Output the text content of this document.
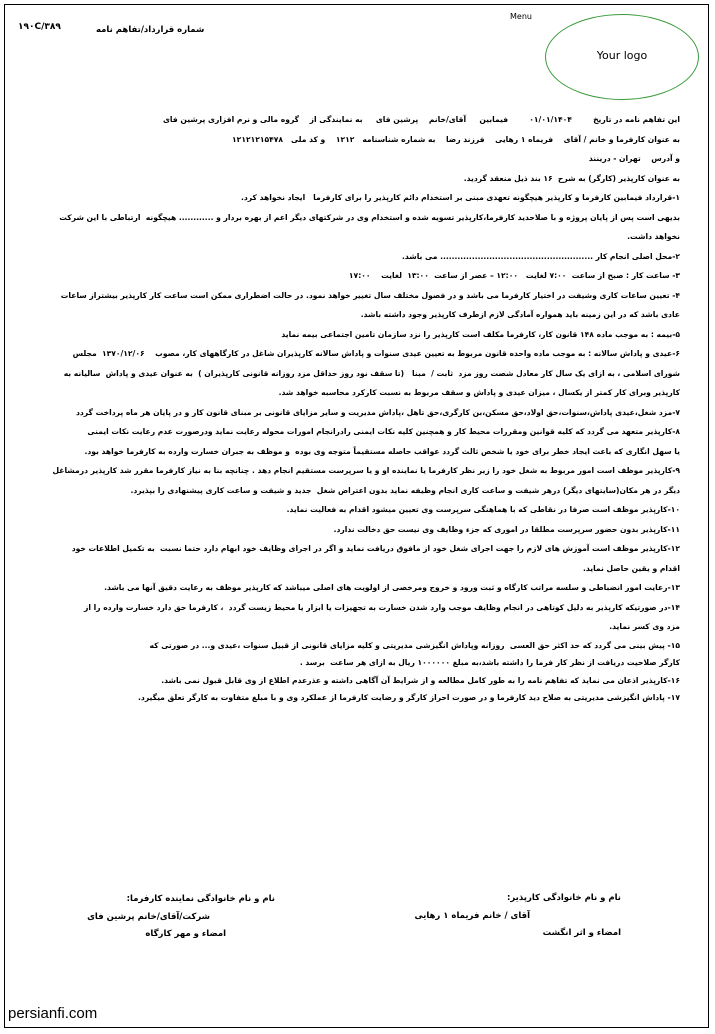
Menu
Your logo
۱۹۰C/۳۸۹	شماره قرارداد/تفاهم نامه

این تفاهم نامه در تاریخ        ۰۱/۰۱/۱۴۰۴        فیمابین     آقای/خانم    پرشین فای     به نمایندگی از    گروه مالی و نرم افزاری پرشین فای

به عنوان کارفرما و خانم / آقای    فریماه ۱ رهایی    فرزند رضا    به شماره شناسنامه   ۱۲۱۲    و کد ملی   ۱۲۱۲۱۲۱۵۴۷۸

و آدرس    تهران - درینند

به عنوان کارپذیر (کارگر) به شرح  ۱۶ بند ذیل منعقد گردید.

۱-قرارداد فیمابین کارفرما و کارپذیر هیچگونه تعهدی مبنی بر استخدام دائم کارپذیر را برای کارفرما   ایجاد نخواهد کرد.

بدیهی است پس از پایان پروژه و با صلاحدید کارفرما،کارپذیر تسویه شده و استخدام وی در شرکتهای دیگر اعم از بهره بردار و ............ هیچگونه  ارتباطی با این شرکت

نخواهد داشت.

۲-محل اصلی انجام کار ..................................................... می باشد.

۳- ساعت کار : صبح از ساعت  ۷:۰۰ لغایت   ۱۲:۰۰ – عصر از ساعت  ۱۳:۰۰  لغایت    ۱۷:۰۰

۴- تعیین ساعات کاری وشیفت در اختیار کارفرما می باشد و در فصول مختلف سال تغییر خواهد نمود. در حالت اضطراری ممکن است ساعت کار کارپذیر بیشتراز ساعات

عادی باشد که در این زمینه باید همواره آمادگی لازم ازطرف کارپذیر وجود داشته باشد.

۵-بیمه : به موجب ماده ۱۴۸ قانون کار، کارفرما مکلف است کارپذیر را نزد سازمان تامین اجتماعی بیمه نماید

۶-عیدی و پاداش سالانه : به موجب ماده واحده قانون مربوط به تعیین عیدی سنوات و پاداش سالانه کارپذیران شاغل در کارگاههای کار، مصوب    ۱۳۷۰/۱۲/۰۶  مجلس

شورای اسلامی ، به ازای یک سال کار معادل شصت روز مزد  ثابت /  مبنا   (تا سقف نود روز حداقل مزد روزانه قانونی کارپذیران )  به عنوان عیدی و پاداش  سالیانه به

کارپذیر وبرای کار کمتر از یکسال ، میزان عیدی و پاداش و سقف مربوط به نسبت کارکرد محاسبه خواهد شد.

۷-مزد شغل،عیدی پاداش،سنوات،حق اولاد،حق مسکن،بن کارگری،حق تاهل ،پاداش مدیریت و سایر مزایای قانونی بر مبنای قانون کار و در پایان هر ماه پرداخت گردد

۸-کارپذیر متعهد می گردد که کلیه قوانین ومقررات محیط کار و همچنین کلیه نکات ایمنی رادرانجام امورات محوله رعایت نماید ودرصورت عدم رعایت نکات ایمنی

یا سهل انگاری که باعث ایجاد خطر برای خود یا شخص ثالث گردد عواقب حاصله مستقیماً متوجه وی بوده  و موظف به جبران خسارت وارده به کارفرما خواهد بود.

۹-کارپذیر موظف است امور مربوط به شغل خود را زیر نظر کارفرما یا نماینده او و یا سرپرست مستقیم انجام دهد . چنانچه بنا به نیاز کارفرما مقرر شد کارپذیر درمشاغل

دیگر در هر مکان(سایتهای دیگر) درهر شیفت و ساعت کاری انجام وظیفه نماید بدون اعتراض شغل  جدید و شیفت و ساعت کاری پیشنهادی را بپذیرد.

۱۰-کارپذیر موظف است صرفا در نقاطی که با هماهنگی سرپرست وی تعیین میشود اقدام به فعالیت نماید.

۱۱-کارپذیر بدون حضور سرپرست مطلقا در اموری که جزء وظایف وی نیست حق دخالت ندارد.

۱۲-کارپذیر موظف است آموزش های لازم را جهت اجرای شغل خود از مافوق دریافت نماید و اگر در اجرای وظایف خود ابهام دارد حتما نسبت  به تکمیل اطلاعات خود

اقدام و یقین حاصل نماید.

۱۳-رعایت امور انضباطی و سلسه مراتب کارگاه و ثبت ورود و خروج ومرخصی از اولویت های اصلی میباشد که کارپذیر موظف به رعایت دقیق آنها می باشد.

۱۴-در صورتیکه کارپذیر به دلیل کوتاهی در انجام وظایف موجب وارد شدن خسارت به تجهیزات یا ابزار یا محیط زیست گردد  ، کارفرما حق دارد خسارت وارده را از

مزد وی کسر نماید.

۱۵- پیش بینی می گردد که حد اکثر حق العسی  روزانه وپاداش انگیزشی مدیریتی و کلیه مزایای قانونی از قبیل سنوات ،عیدی و... در صورتی که

کارگر صلاحیت دریافت از نظر کار فرما را داشته باشد،به مبلغ ۱۰۰۰۰۰۰ ریال به ازای هر ساعت  برسد .

۱۶-کارپذیر اذعان می نماید که تفاهم نامه را به طور کامل مطالعه و از شرایط آن آگاهی داشته و عذرعدم اطلاع از وی قابل قبول نمی باشد.

۱۷- پاداش انگیزشی مدیریتی به صلاح دید کارفرما و در صورت احراز کارگر و رضایت کارفرما از عملکرد وی و با مبلغ متفاوت به کارگر تعلق میگیرد.

نام و نام خانوادگی کارپذیر:
آقای / خانم فریماه ۱ رهایی
امضاء و اثر انگشت
نام و نام خانوادگی نماینده کارفرما:
شرکت/آقای/خانم پرشین فای
امضاء و مهر کارگاه
persianfi.com
